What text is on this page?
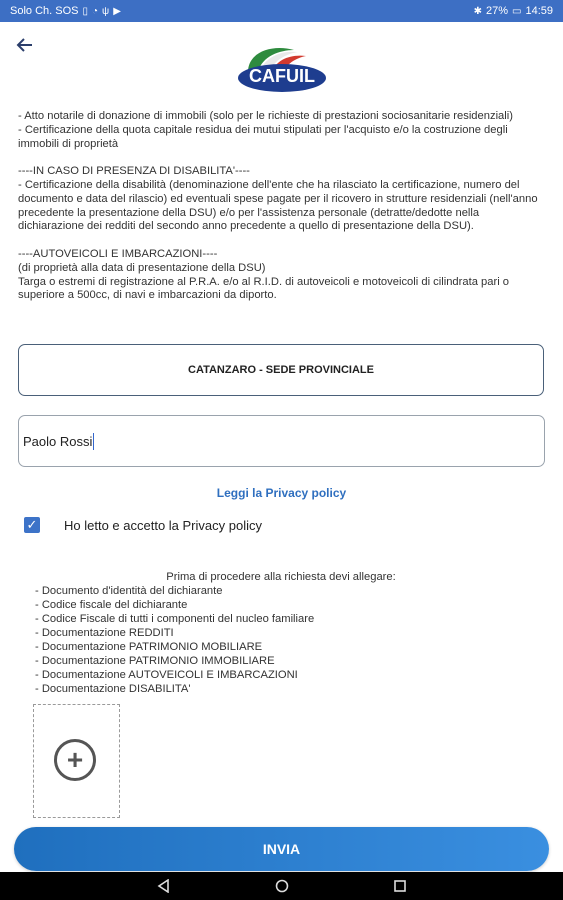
Solo Ch. SOS ▯ ◔ ψ ▶	✱ 27% ▭ 14:59
CAFUIL

- Atto notarile di donazione di immobili (solo per le richieste di prestazioni sociosanitarie residenziali)

- Certificazione della quota capitale residua dei mutui stipulati per l'acquisto e/o la costruzione degli immobili di proprietà

----IN CASO DI PRESENZA DI DISABILITA'----

- Certificazione della disabilità (denominazione dell'ente che ha rilasciato la certificazione, numero del documento e data del rilascio) ed eventuali spese pagate per il ricovero in strutture residenziali (nell'anno precedente la presentazione della DSU) e/o per l'assistenza personale (detratte/dedotte nella dichiarazione dei redditi del secondo anno precedente a quello di presentazione della DSU).

----AUTOVEICOLI E IMBARCAZIONI----

(di proprietà alla data di presentazione della DSU)

Targa o estremi di registrazione al P.R.A. e/o al R.I.D. di autoveicoli e motoveicoli di cilindrata pari o superiore a 500cc, di navi e imbarcazioni da diporto.

CATANZARO - SEDE PROVINCIALE
Paolo Rossi
Leggi la Privacy policy
✓ Ho letto e accetto la Privacy policy
Prima di procedere alla richiesta devi allegare:
- Documento d'identità del dichiarante
- Codice fiscale del dichiarante
- Codice Fiscale di tutti i componenti del nucleo familiare
- Documentazione REDDITI
- Documentazione PATRIMONIO MOBILIARE
- Documentazione PATRIMONIO IMMOBILIARE
- Documentazione AUTOVEICOLI E IMBARCAZIONI
- Documentazione DISABILITA'
+
INVIA
